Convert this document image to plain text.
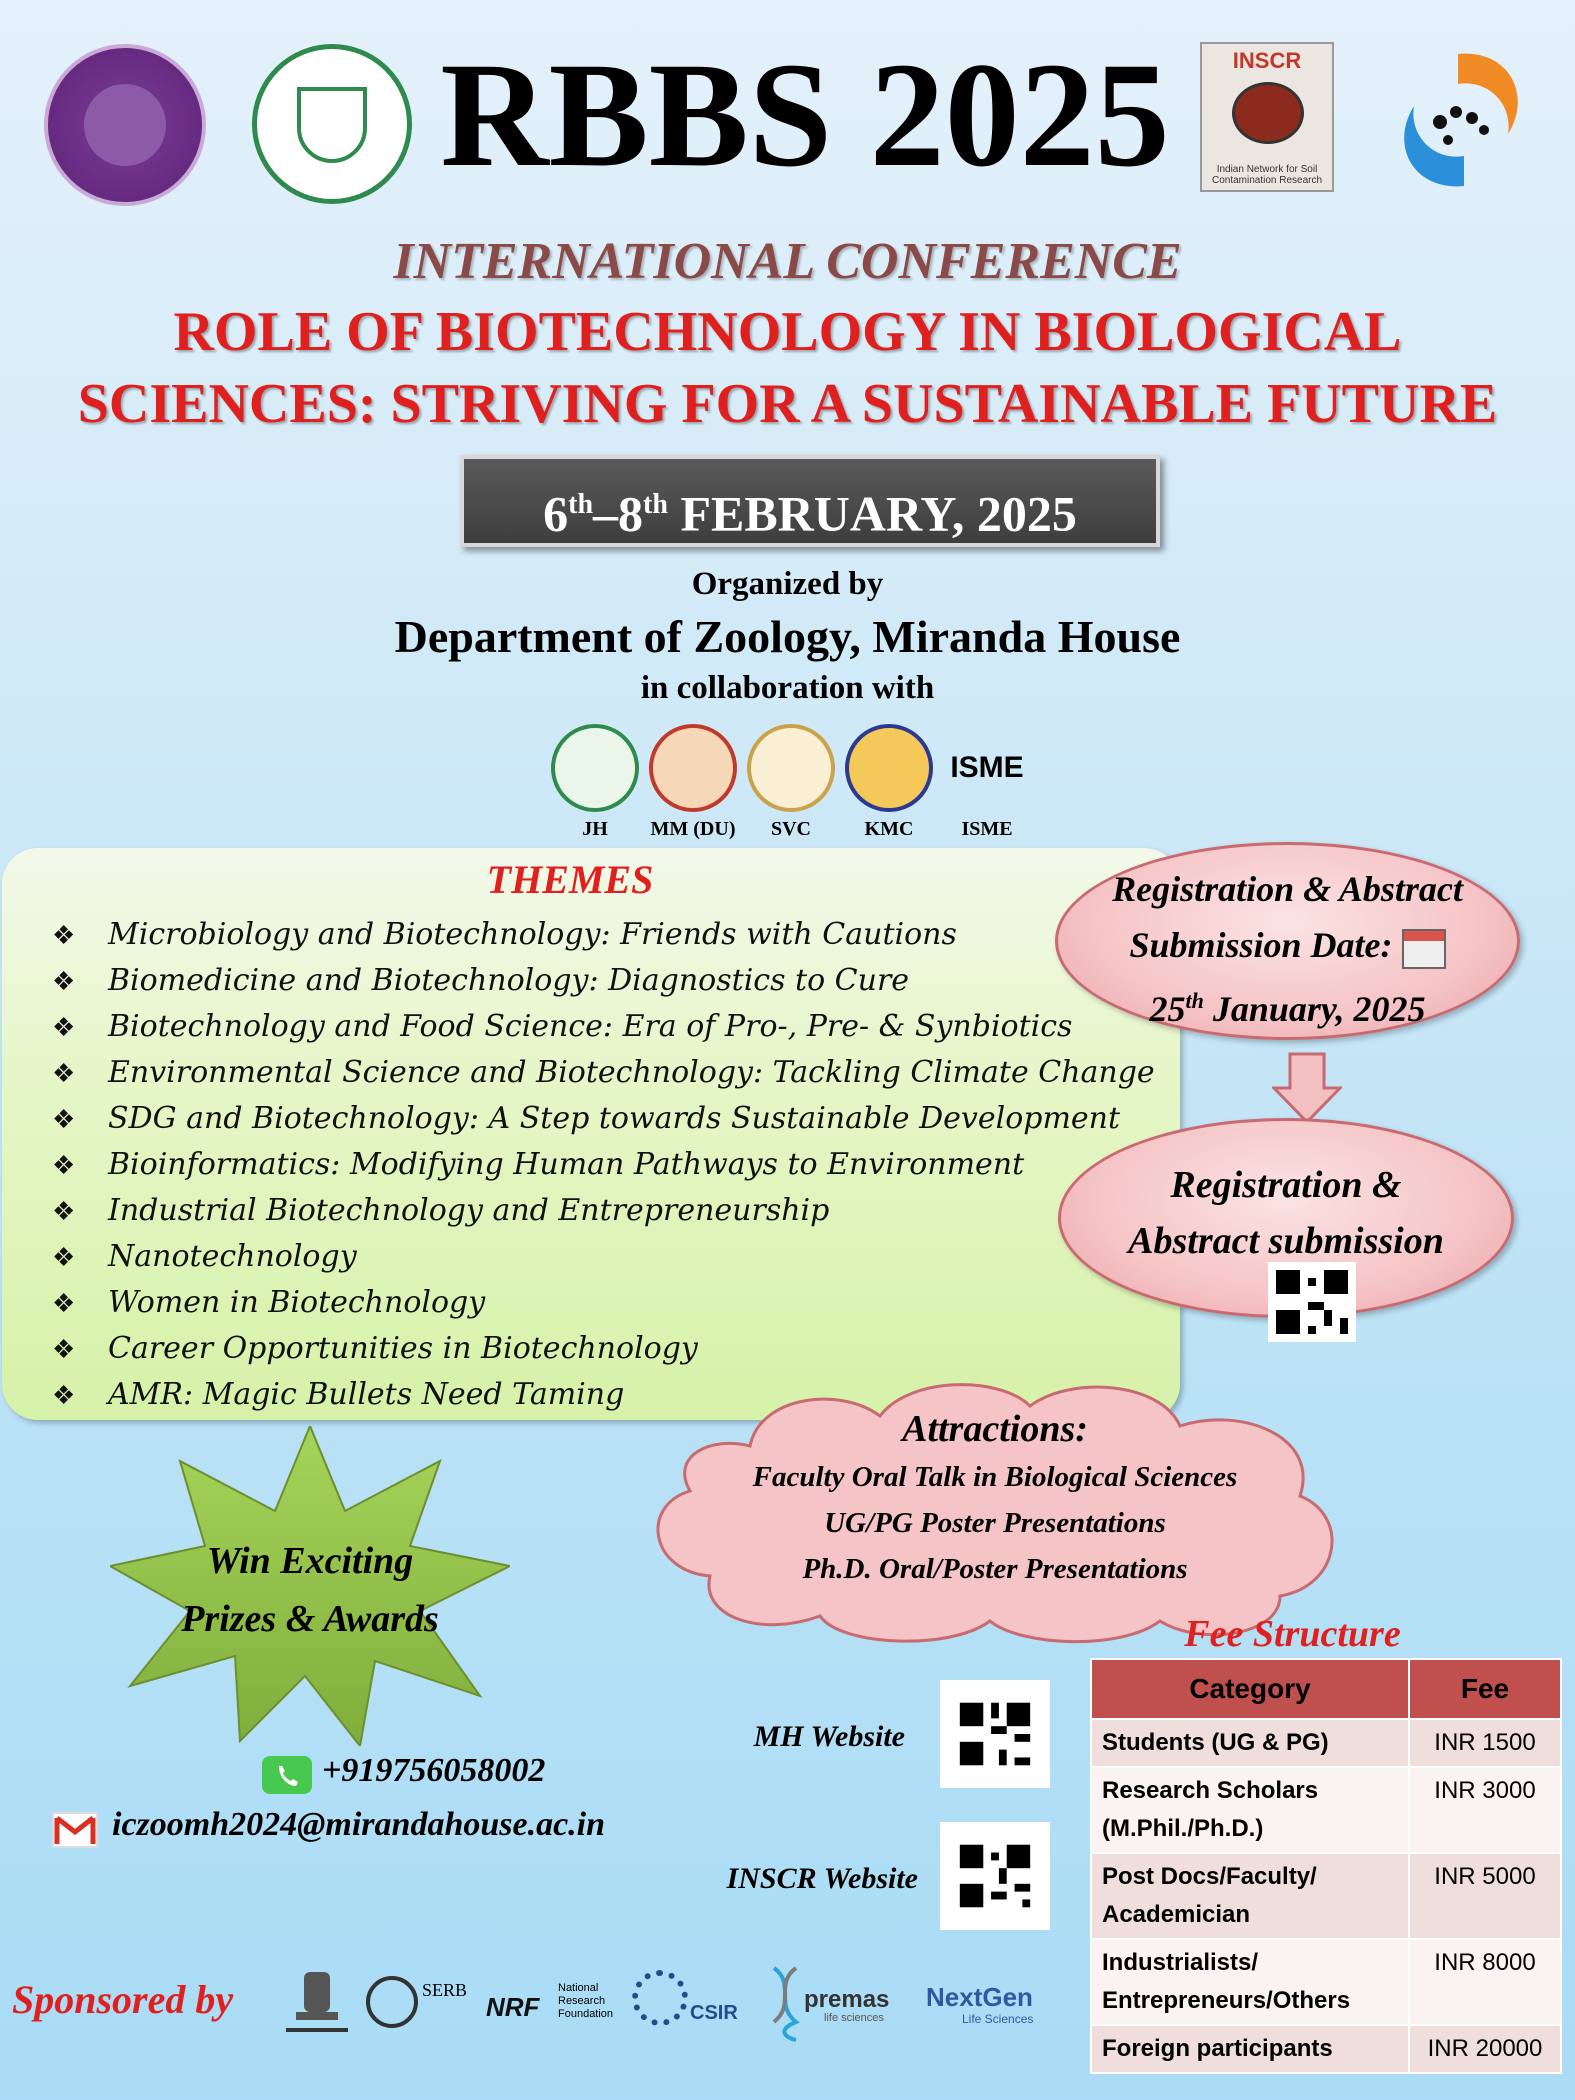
RBBS 2025	INSCR
Indian Network for Soil Contamination Research
INTERNATIONAL CONFERENCE
ROLE OF BIOTECHNOLOGY IN BIOLOGICAL
SCIENCES: STRIVING FOR A SUSTAINABLE FUTURE
6th–8th FEBRUARY, 2025
Organized by
Department of Zoology, Miranda House
in collaboration with
JH	MM (DU)	SVC	KMC
ISME
ISME
THEMES
❖ Microbiology and Biotechnology: Friends with Cautions
❖ Biomedicine and Biotechnology: Diagnostics to Cure
❖ Biotechnology and Food Science: Era of Pro-, Pre- & Synbiotics
❖ Environmental Science and Biotechnology: Tackling Climate Change
❖ SDG and Biotechnology: A Step towards Sustainable Development
❖ Bioinformatics: Modifying Human Pathways to Environment
❖ Industrial Biotechnology and Entrepreneurship
❖ Nanotechnology
❖ Women in Biotechnology
❖ Career Opportunities in Biotechnology
❖ AMR: Magic Bullets Need Taming
Registration & Abstract
Submission Date:
25th January, 2025
Registration &
Abstract submission
Attractions:
Faculty Oral Talk in Biological Sciences
UG/PG Poster Presentations
Ph.D. Oral/Poster Presentations
Win Exciting
Prizes & Awards	Fee Structure
Category	Fee
Students (UG & PG)	INR 1500
Research Scholars (M.Phil./Ph.D.)	INR 3000
Post Docs/Faculty/ Academician	INR 5000
Industrialists/ Entrepreneurs/Others	INR 8000
Foreign participants	INR 20000
MH Website
INSCR Website
+919756058002
iczoomh2024@mirandahouse.ac.in
Sponsored by	SERB
NRF
National Research Foundation	CSIR	premas
life sciences
NextGen
Life Sciences
